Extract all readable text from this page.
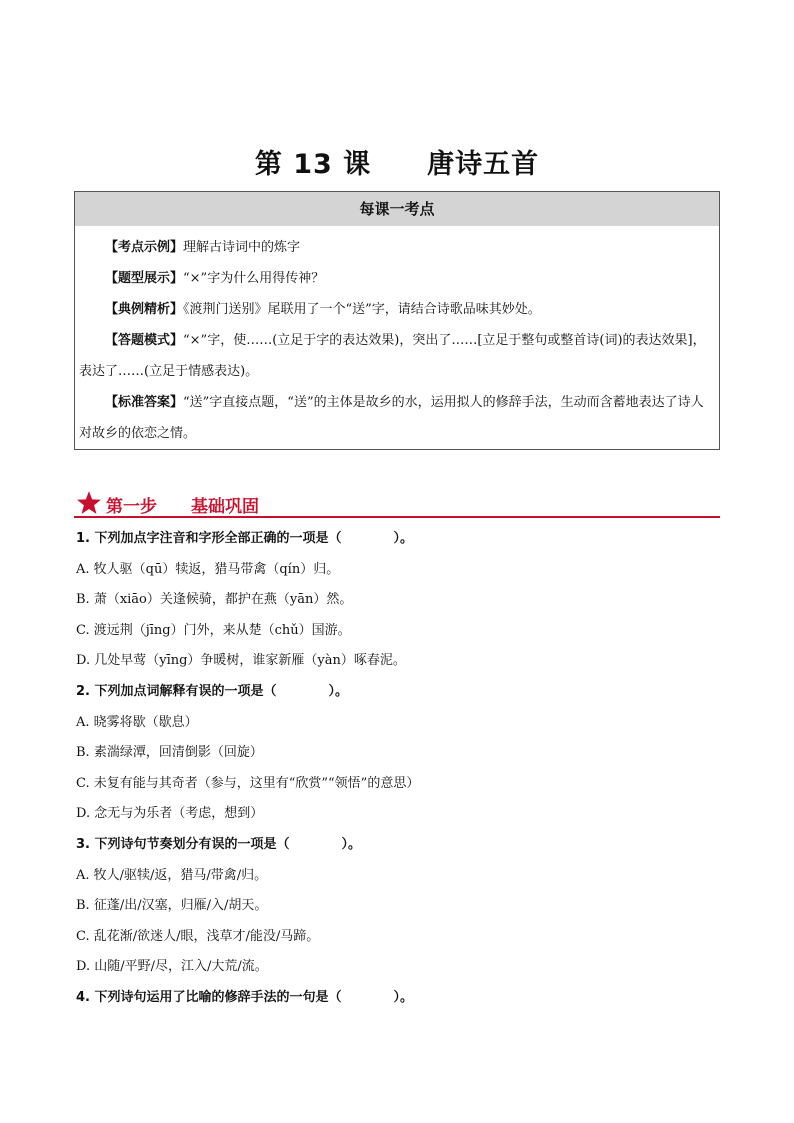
第 13 课　　唐诗五首
每课一考点

【考点示例】理解古诗词中的炼字

【题型展示】“×”字为什么用得传神？

【典例精析】《渡荆门送别》尾联用了一个“送”字，请结合诗歌品味其妙处。

【答题模式】“×”字，使……(立足于字的表达效果)，突出了……[立足于整句或整首诗(词)的表达效果]，表达了……(立足于情感表达)。

【标准答案】“送”字直接点题，“送”的主体是故乡的水，运用拟人的修辞手法，生动而含蓄地表达了诗人对故乡的依恋之情。

第一步　　基础巩固
1. 下列加点字注音和字形全部正确的一项是（　　　　）。
A. 牧人驱（qū）犊返，猎马带禽（qín）归。
B. 萧（xiāo）关逢候骑，都护在燕（yān）然。
C. 渡远荆（jīng）门外，来从楚（chǔ）国游。
D. 几处早莺（yīng）争暖树，谁家新雁（yàn）啄春泥。
2. 下列加点词解释有误的一项是（　　　　）。
A. 晓雾将歇（歇息）
B. 素湍绿潭，回清倒影（回旋）
C. 未复有能与其奇者（参与，这里有“欣赏”“领悟”的意思）
D. 念无与为乐者（考虑，想到）
3. 下列诗句节奏划分有误的一项是（　　　　）。
A. 牧人/驱犊/返，猎马/带禽/归。
B. 征蓬/出/汉塞，归雁/入/胡天。
C. 乱花渐/欲迷人/眼，浅草才/能没/马蹄。
D. 山随/平野/尽，江入/大荒/流。
4. 下列诗句运用了比喻的修辞手法的一句是（　　　　）。
